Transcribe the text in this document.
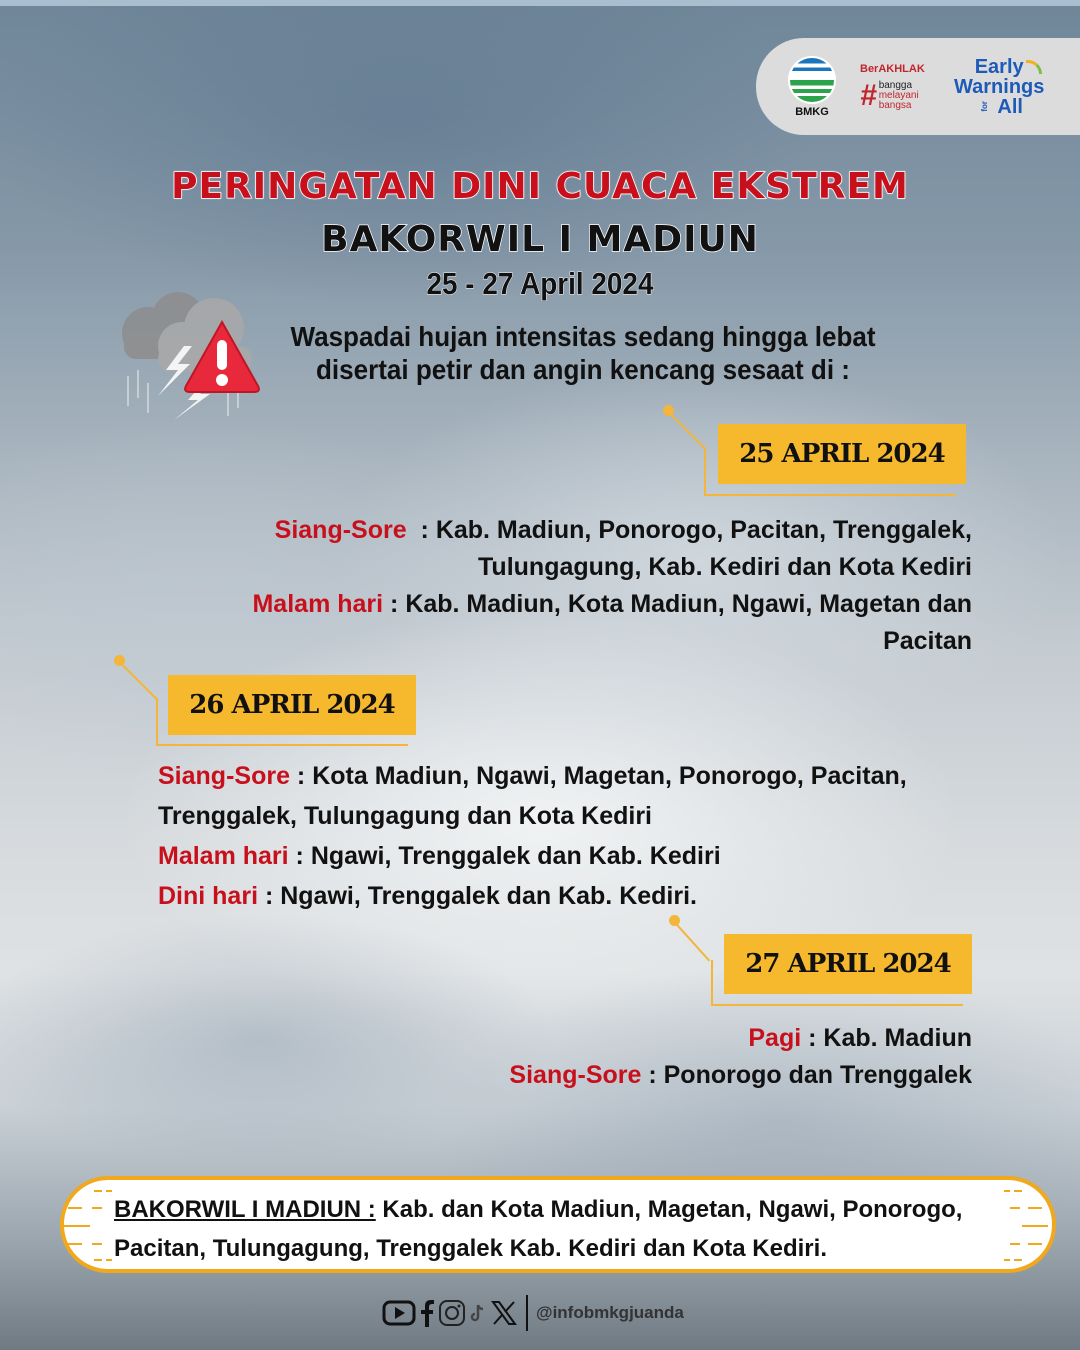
BMKG
BerAKHLAK
# bangga
melayani
bangsa
Early
Warnings
for All
PERINGATAN DINI CUACA EKSTREM
BAKORWIL I MADIUN
25 - 27 April 2024
Waspadai hujan intensitas sedang hingga lebat
disertai petir dan angin kencang sesaat di :
25 APRIL 2024
Siang-Sore  : Kab. Madiun, Ponorogo, Pacitan, Trenggalek,
Tulungagung, Kab. Kediri dan Kota Kediri
Malam hari : Kab. Madiun, Kota Madiun, Ngawi, Magetan dan
Pacitan
26 APRIL 2024
Siang-Sore : Kota Madiun, Ngawi, Magetan, Ponorogo, Pacitan,
Trenggalek, Tulungagung dan Kota Kediri
Malam hari : Ngawi, Trenggalek dan Kab. Kediri
Dini hari : Ngawi, Trenggalek dan Kab. Kediri.
27 APRIL 2024
Pagi : Kab. Madiun
Siang-Sore : Ponorogo dan Trenggalek
BAKORWIL I MADIUN : Kab. dan Kota Madiun, Magetan, Ngawi, Ponorogo,
Pacitan, Tulungagung, Trenggalek Kab. Kediri dan Kota Kediri.
@infobmkgjuanda
